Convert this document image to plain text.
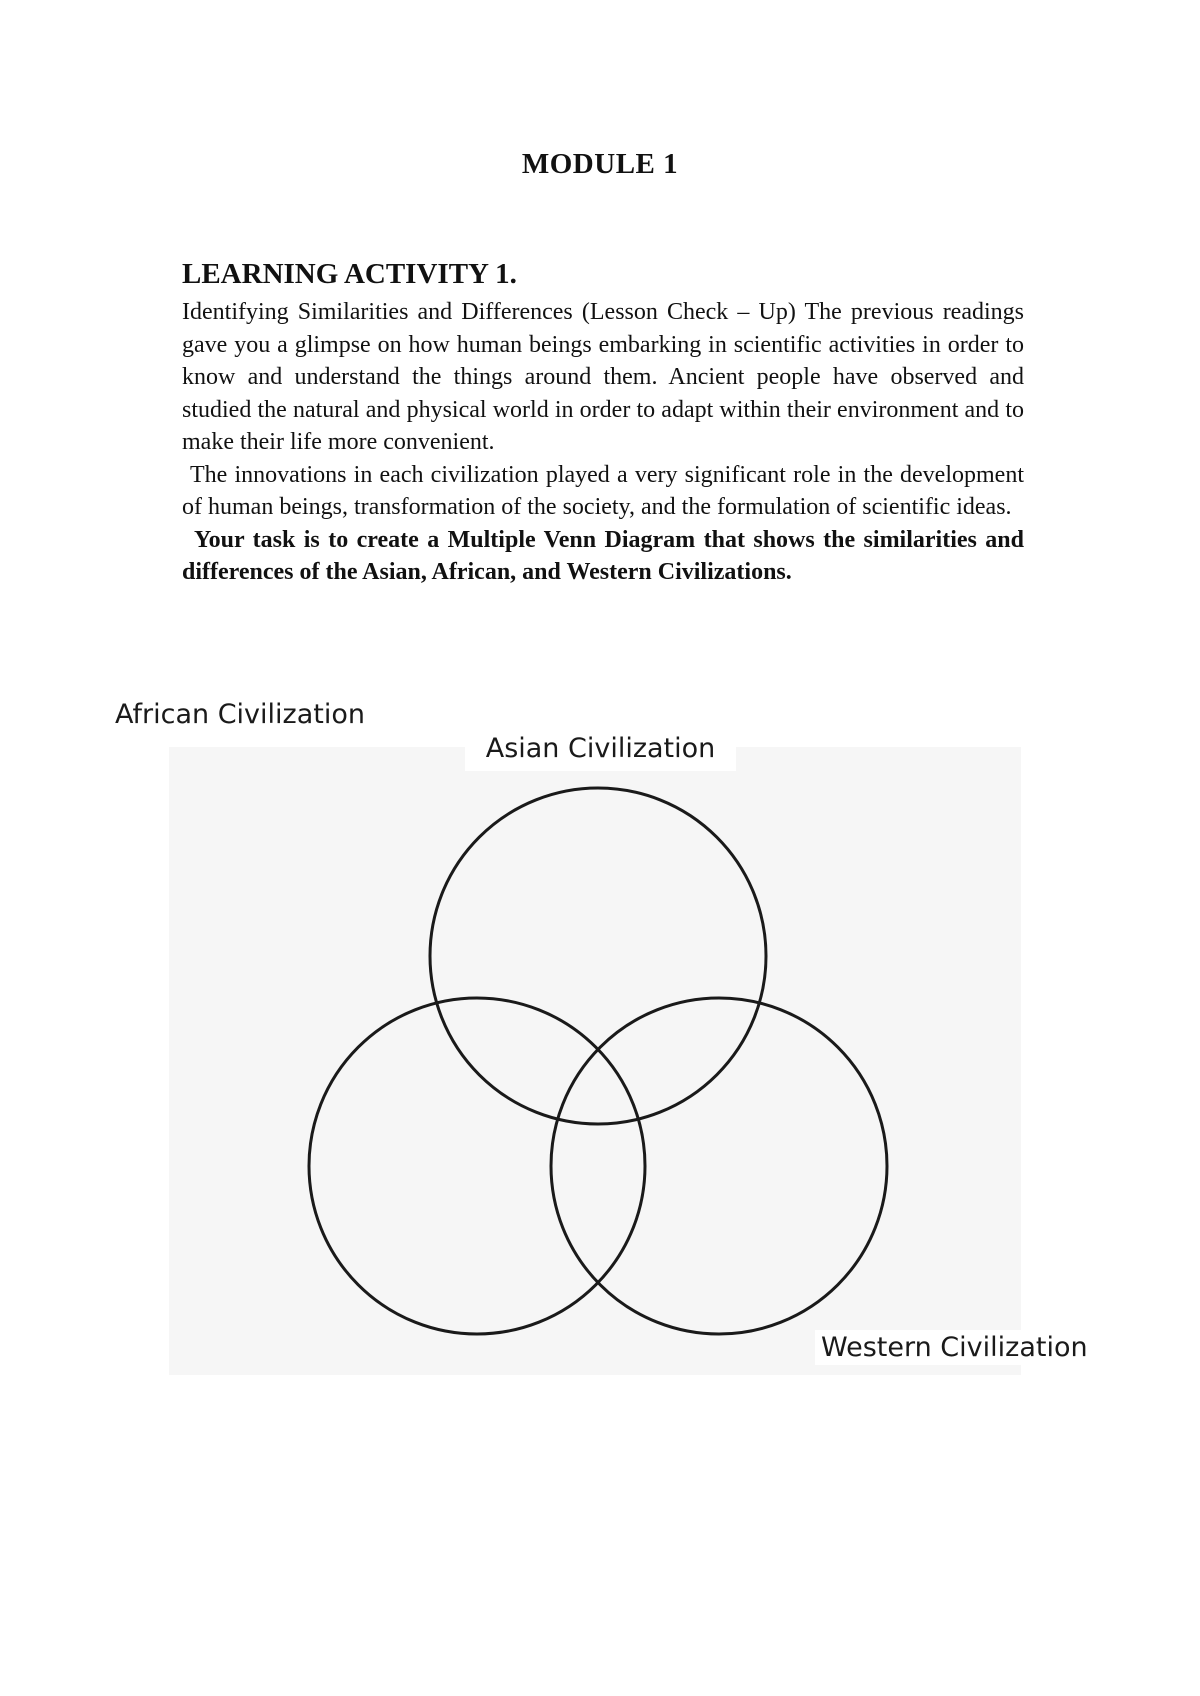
MODULE 1
LEARNING ACTIVITY 1.

Identifying Similarities and Differences (Lesson Check – Up) The previous readings gave you a glimpse on how human beings embarking in scientific activities in order to know and understand the things around them. Ancient people have observed and studied the natural and physical world in order to adapt within their environment and to make their life more convenient.

The innovations in each civilization played a very significant role in the development of human beings, transformation of the society, and the formulation of scientific ideas.

Your task is to create a Multiple Venn Diagram that shows the similarities and differences of the Asian, African, and Western Civilizations.

African Civilization
Asian Civilization
Western Civilization
